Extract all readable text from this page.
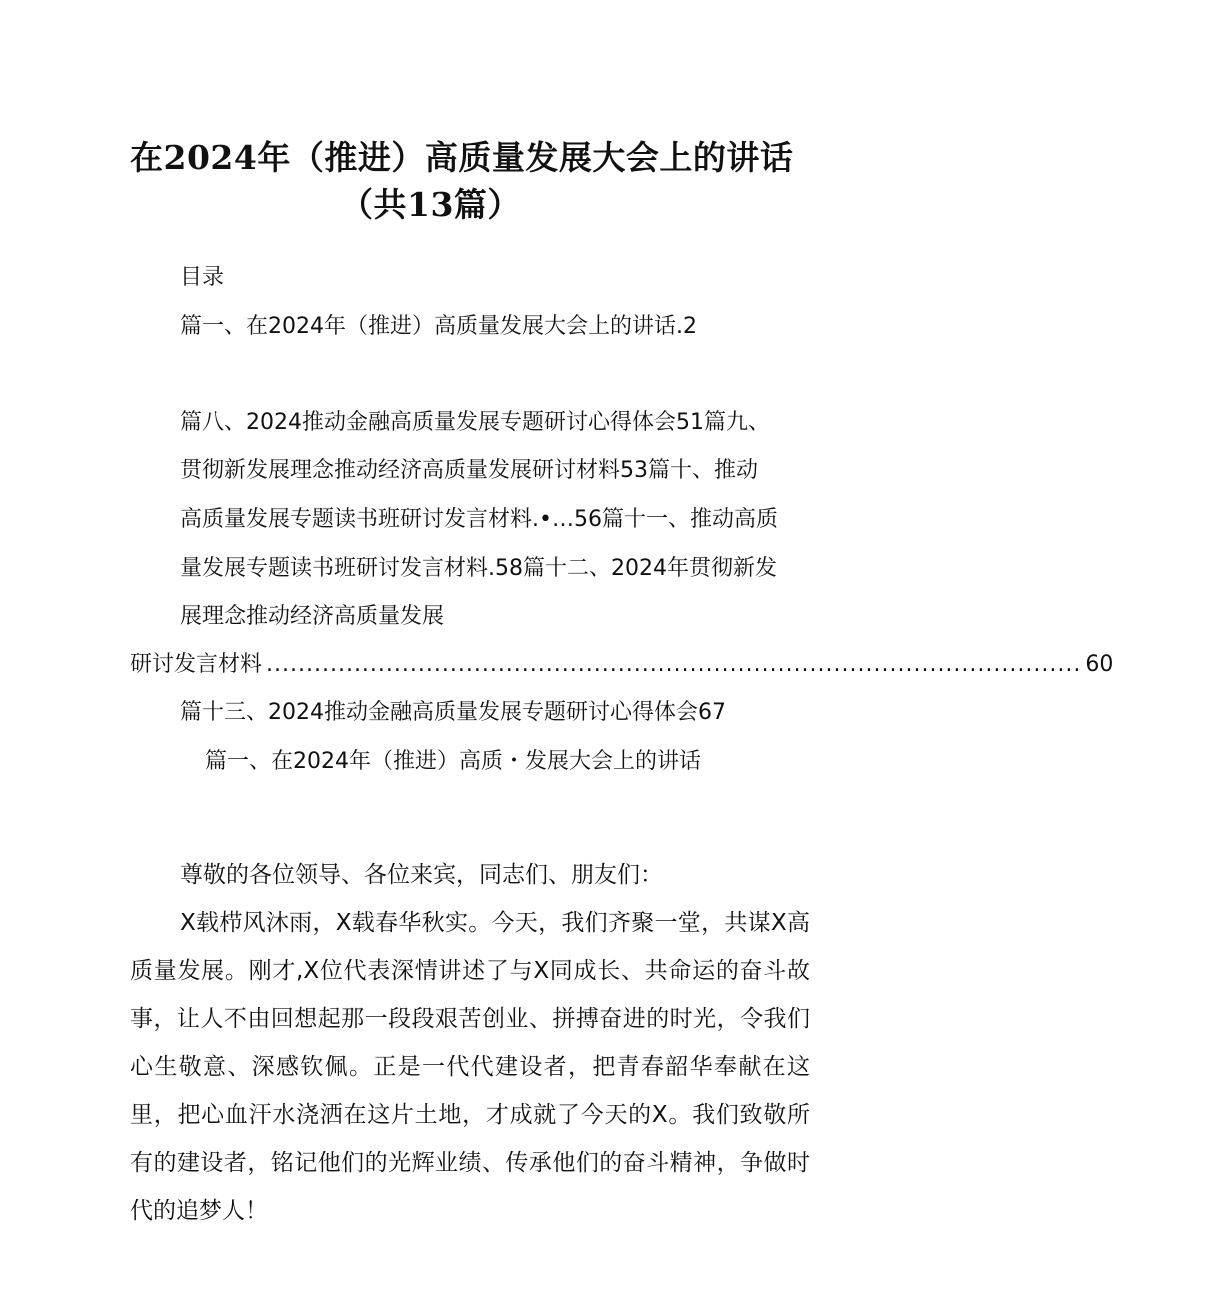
在2024年（推进）高质量发展大会上的讲话
（共13篇）
目录
篇一、在2024年（推进）高质量发展大会上的讲话.2
篇八、2024推动金融高质量发展专题研讨心得体会51篇九、
贯彻新发展理念推动经济高质量发展研讨材料53篇十、推动
高质量发展专题读书班研讨发言材料.•…56篇十一、推动高质
量发展专题读书班研讨发言材料.58篇十二、2024年贯彻新发
展理念推动经济高质量发展
研讨发言材料 ...................................................................................................... 60
篇十三、2024推动金融高质量发展专题研讨心得体会67
篇一、在2024年（推进）高质・发展大会上的讲话

尊敬的各位领导、各位来宾，同志们、朋友们：

X载栉风沐雨，X载春华秋实。今天，我们齐聚一堂，共谋X高质量发展。刚才,X位代表深情讲述了与X同成长、共命运的奋斗故事，让人不由回想起那一段段艰苦创业、拼搏奋进的时光，令我们心生敬意、深感钦佩。正是一代代建设者，把青春韶华奉献在这里，把心血汗水浇洒在这片土地，才成就了今天的X。我们致敬所有的建设者，铭记他们的光辉业绩、传承他们的奋斗精神，争做时代的追梦人！
